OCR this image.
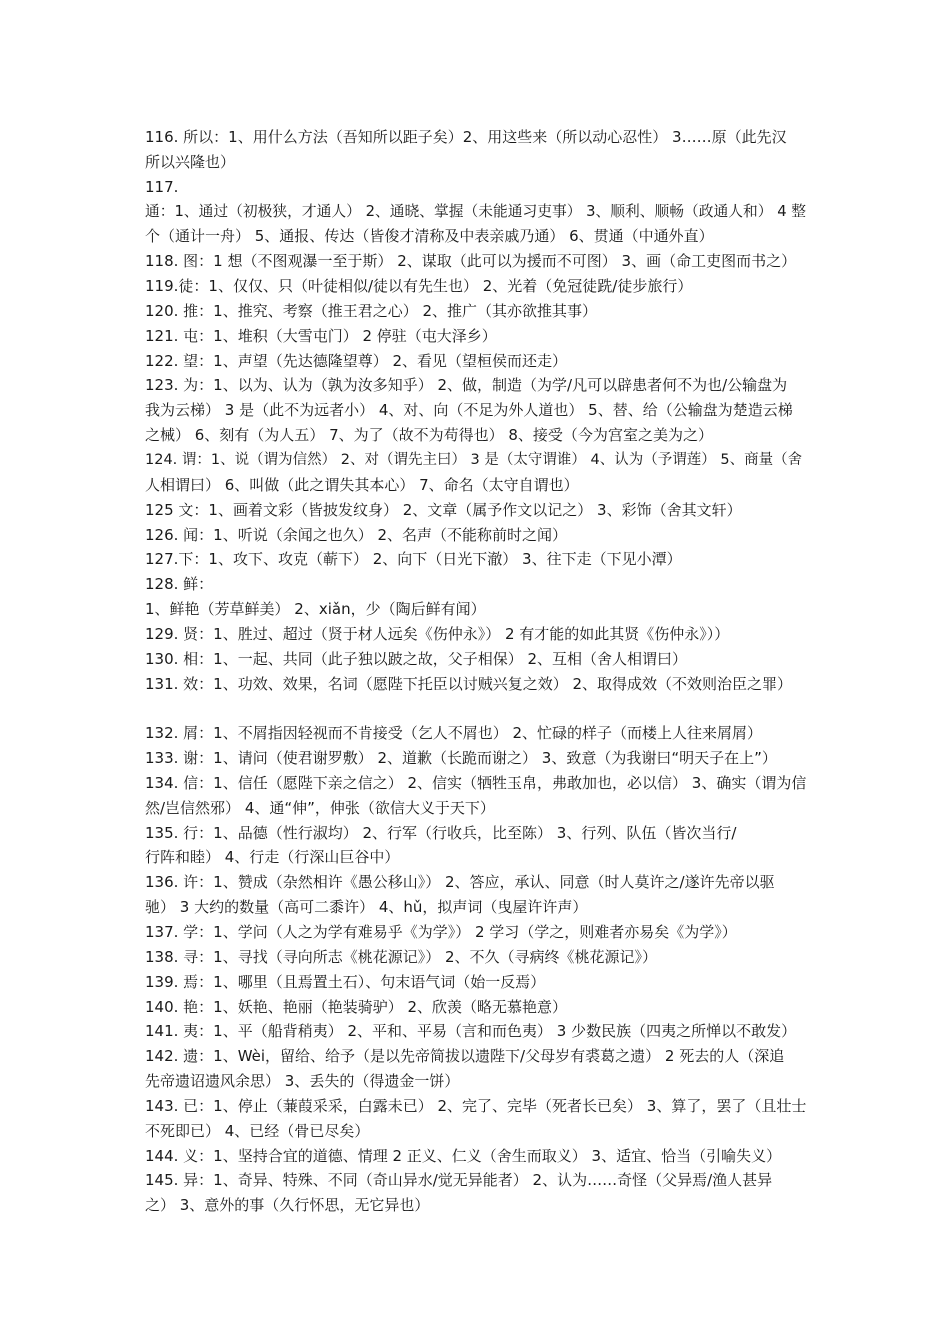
116. 所以：1、用什么方法（吾知所以距子矣）2、用这些来（所以动心忍性） 3……原（此先汉
所以兴隆也）
117.
通：1、通过（初极狭，才通人） 2、通晓、掌握（未能通习吏事） 3、顺利、顺畅（政通人和） 4 整
个（通计一舟） 5、通报、传达（皆俊才清称及中表亲戚乃通） 6、贯通（中通外直）
118. 图：1 想（不图观瀑一至于斯） 2、谋取（此可以为援而不可图） 3、画（命工吏图而书之）
119.徒：1、仅仅、只（叶徒相似/徒以有先生也） 2、光着（免冠徒跣/徒步旅行）
120. 推：1、推究、考察（推王君之心） 2、推广（其亦欲推其事）
121. 屯：1、堆积（大雪屯门） 2 停驻（屯大泽乡）
122. 望：1、声望（先达德隆望尊） 2、看见（望桓侯而还走）
123. 为：1、以为、认为（孰为汝多知乎） 2、做，制造（为学/凡可以辟患者何不为也/公输盘为
我为云梯） 3 是（此不为远者小） 4、对、向（不足为外人道也） 5、替、给（公输盘为楚造云梯
之械） 6、刻有（为人五） 7、为了（故不为苟得也） 8、接受（今为宫室之美为之）
124. 谓：1、说（谓为信然） 2、对（谓先主曰） 3 是（太守谓谁） 4、认为（予谓莲） 5、商量（舍
人相谓曰） 6、叫做（此之谓失其本心） 7、命名（太守自谓也）
125 文：1、画着文彩（皆披发纹身） 2、文章（属予作文以记之） 3、彩饰（舍其文轩）
126. 闻：1、听说（余闻之也久） 2、名声（不能称前时之闻）
127.下：1、攻下、攻克（蕲下） 2、向下（日光下澈） 3、往下走（下见小潭）
128. 鲜：
1、鲜艳（芳草鲜美） 2、xiǎn，少（陶后鲜有闻）
129. 贤：1、胜过、超过（贤于材人远矣《伤仲永》） 2 有才能的如此其贤《伤仲永》））
130. 相：1、一起、共同（此子独以跛之故，父子相保） 2、互相（舍人相谓曰）
131. 效：1、功效、效果，名词（愿陛下托臣以讨贼兴复之效） 2、取得成效（不效则治臣之罪）
132. 屑：1、不屑指因轻视而不肯接受（乞人不屑也） 2、忙碌的样子（而楼上人往来屑屑）
133. 谢：1、请问（使君谢罗敷） 2、道歉（长跪而谢之） 3、致意（为我谢曰“明天子在上”）
134. 信：1、信任（愿陛下亲之信之） 2、信实（牺牲玉帛，弗敢加也，必以信） 3、确实（谓为信
然/岂信然邪） 4、通“伸”，伸张（欲信大义于天下）
135. 行：1、品德（性行淑均） 2、行军（行收兵，比至陈） 3、行列、队伍（皆次当行/
行阵和睦） 4、行走（行深山巨谷中）
136. 许：1、赞成（杂然相许《愚公移山》） 2、答应，承认、同意（时人莫许之/遂许先帝以驱
驰） 3 大约的数量（高可二黍许） 4、hǔ，拟声词（曳屋许许声）
137. 学：1、学问（人之为学有难易乎《为学》） 2 学习（学之，则难者亦易矣《为学》）
138. 寻：1、寻找（寻向所志《桃花源记》） 2、不久（寻病终《桃花源记》）
139. 焉：1、哪里（且焉置土石）、句末语气词（始一反焉）
140. 艳：1、妖艳、艳丽（艳装骑驴） 2、欣羡（略无慕艳意）
141. 夷：1、平（船背稍夷） 2、平和、平易（言和而色夷） 3 少数民族（四夷之所惮以不敢发）
142. 遗：1、Wèi，留给、给予（是以先帝简拔以遗陛下/父母岁有裘葛之遗） 2 死去的人（深追
先帝遗诏遗风余思） 3、丢失的（得遗金一饼）
143. 已：1、停止（蒹葭采采，白露未已） 2、完了、完毕（死者长已矣） 3、算了，罢了（且壮士
不死即已） 4、已经（骨已尽矣）
144. 义：1、坚持合宜的道德、情理 2 正义、仁义（舍生而取义） 3、适宜、恰当（引喻失义）
145. 异：1、奇异、特殊、不同（奇山异水/觉无异能者） 2、认为……奇怪（父异焉/渔人甚异
之） 3、意外的事（久行怀思，无它异也）
